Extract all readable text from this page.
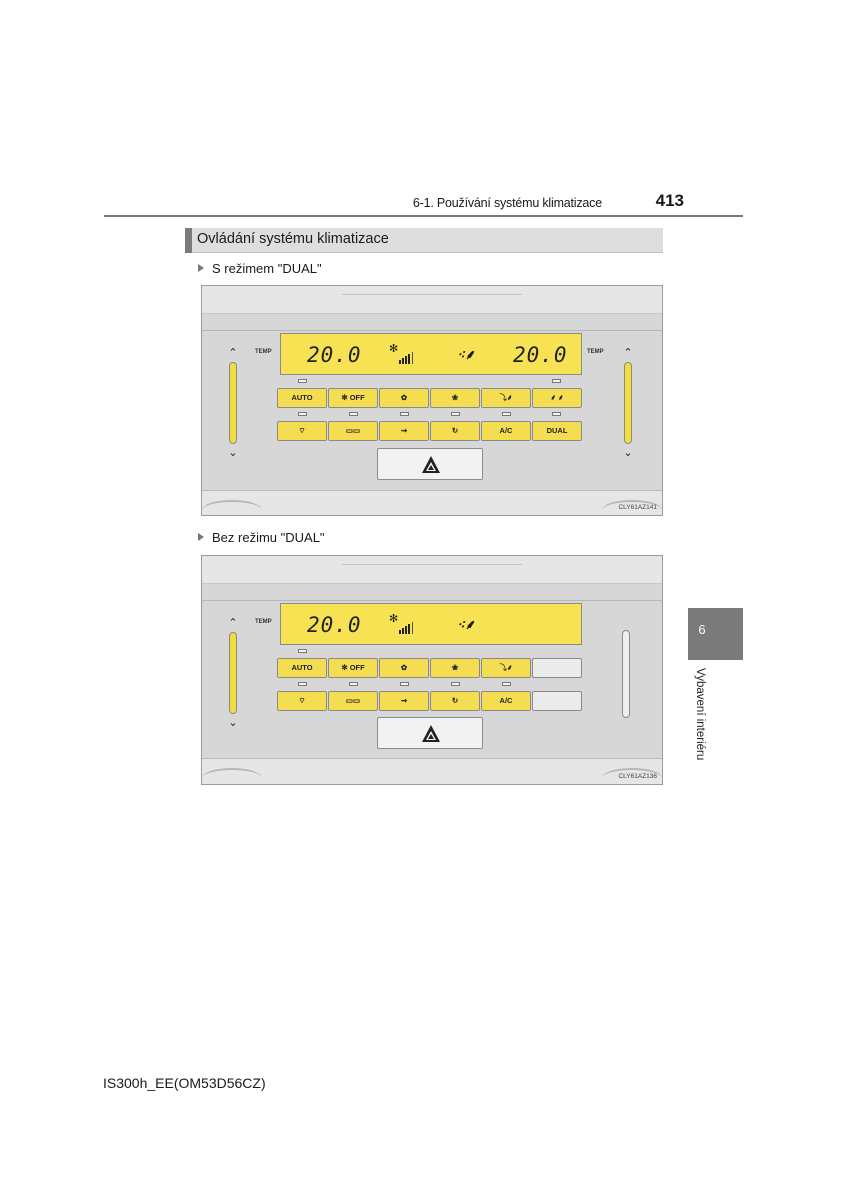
6-1. Používání systému klimatizace	413
Ovládání systému klimatizace
S režimem "DUAL"
⌃
⌄
⌃
⌄
TEMP	TEMP
20.0 ✻	⁖⸙ 20.0
AUTO	✻ OFF	✿	❀	⤵⸙	⸙ ⸙
⌔	▭▭	⇝	↻	A/C	DUAL
CLY61AZ141
Bez režimu "DUAL"
⌃
⌄
TEMP 20.0 ✻	⁖⸙
AUTO	✻ OFF	✿	❀	⤵⸙
⌔	▭▭	⇝	↻	A/C
CLY61AZ136
6
Vybavení interiéru
IS300h_EE(OM53D56CZ)
